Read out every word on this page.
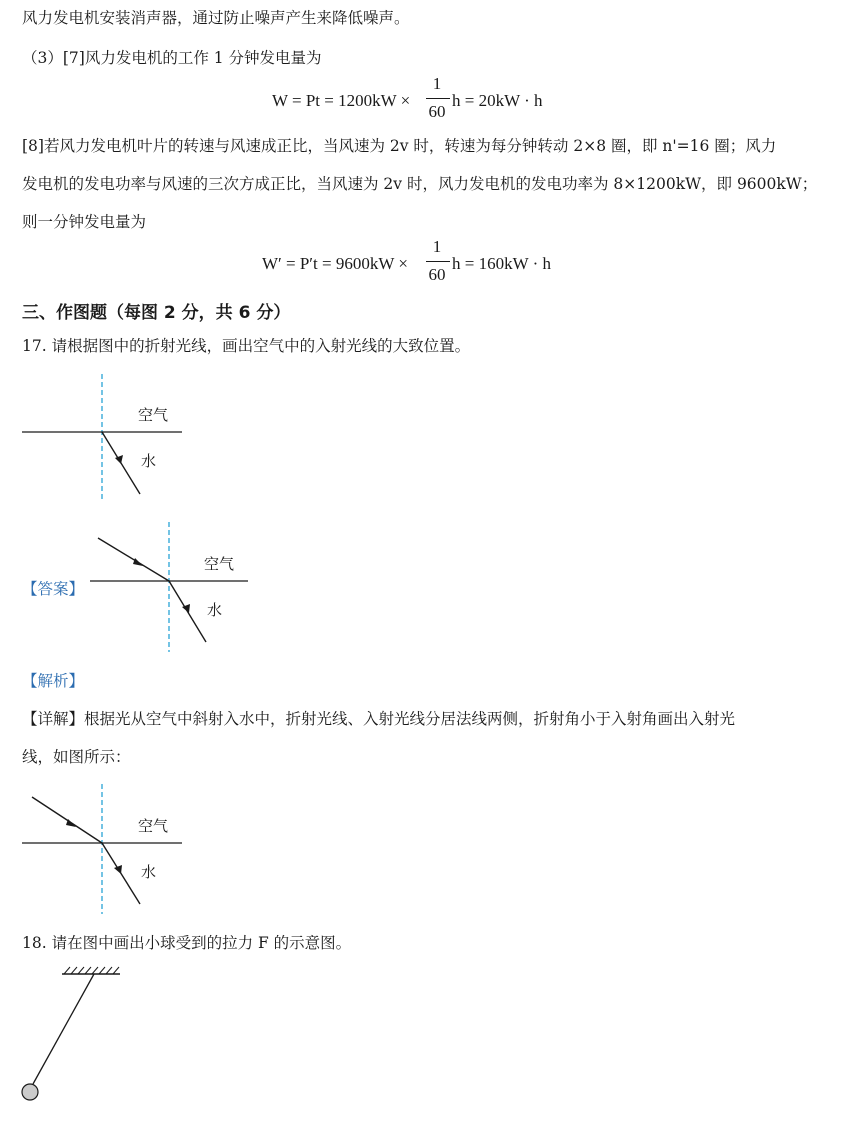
风力发电机安装消声器，通过防止噪声产生来降低噪声。
（3）[7]风力发电机的工作 1 分钟发电量为
W = Pt = 1200kW ×
1
60
h = 20kW · h
[8]若风力发电机叶片的转速与风速成正比，当风速为 2v 时，转速为每分钟转动 2×8 圈，即 n'=16 圈；风力
发电机的发电功率与风速的三次方成正比，当风速为 2v 时，风力发电机的发电功率为 8×1200kW，即 9600kW；
则一分钟发电量为
W′ = P′t = 9600kW ×
1
60
h = 160kW · h
三、作图题（每图 2 分，共 6 分）
17. 请根据图中的折射光线，画出空气中的入射光线的大致位置。
空气
水
【答案】
空气
水
【解析】
【详解】根据光从空气中斜射入水中，折射光线、入射光线分居法线两侧，折射角小于入射角画出入射光
线，如图所示：
空气
水
18. 请在图中画出小球受到的拉力 F 的示意图。
